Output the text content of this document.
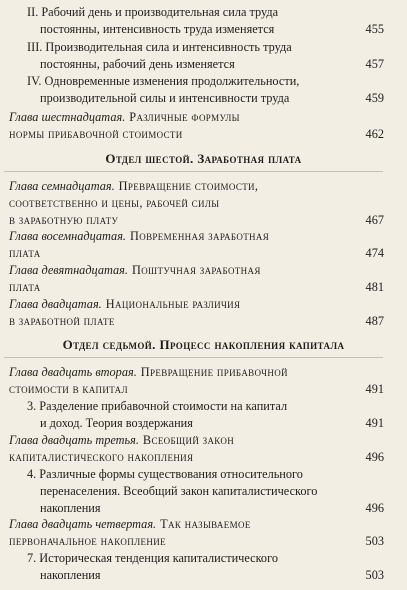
II. Рабочий день и производительная сила труда
постоянны, интенсивность труда изменяется	455
III. Производительная сила и интенсивность труда
постоянны, рабочий день изменяется	457
IV. Одновременные изменения продолжительности,
производительной силы и интенсивности труда	459
Глава шестнадцатая. Различные формулы
нормы прибавочной стоимости	462
Отдел шестой. Заработная плата
Глава семнадцатая. Превращение стоимости,
соответственно и цены, рабочей силы
в заработную плату	467
Глава восемнадцатая. Повременная заработная
плата	474
Глава девятнадцатая. Поштучная заработная
плата	481
Глава двадцатая. Национальные различия
в заработной плате	487
Отдел седьмой. Процесс накопления капитала
Глава двадцать вторая. Превращение прибавочной
стоимости в капитал	491
3. Разделение прибавочной стоимости на капитал
и доход. Теория воздержания	491
Глава двадцать третья. Всеобщий закон
капиталистического накопления	496
4. Различные формы существования относительного
перенаселения. Всеобщий закон капиталистического
накопления	496
Глава двадцать четвертая. Так называемое
первоначальное накопление	503
7. Историческая тенденция капиталистического
накопления	503
